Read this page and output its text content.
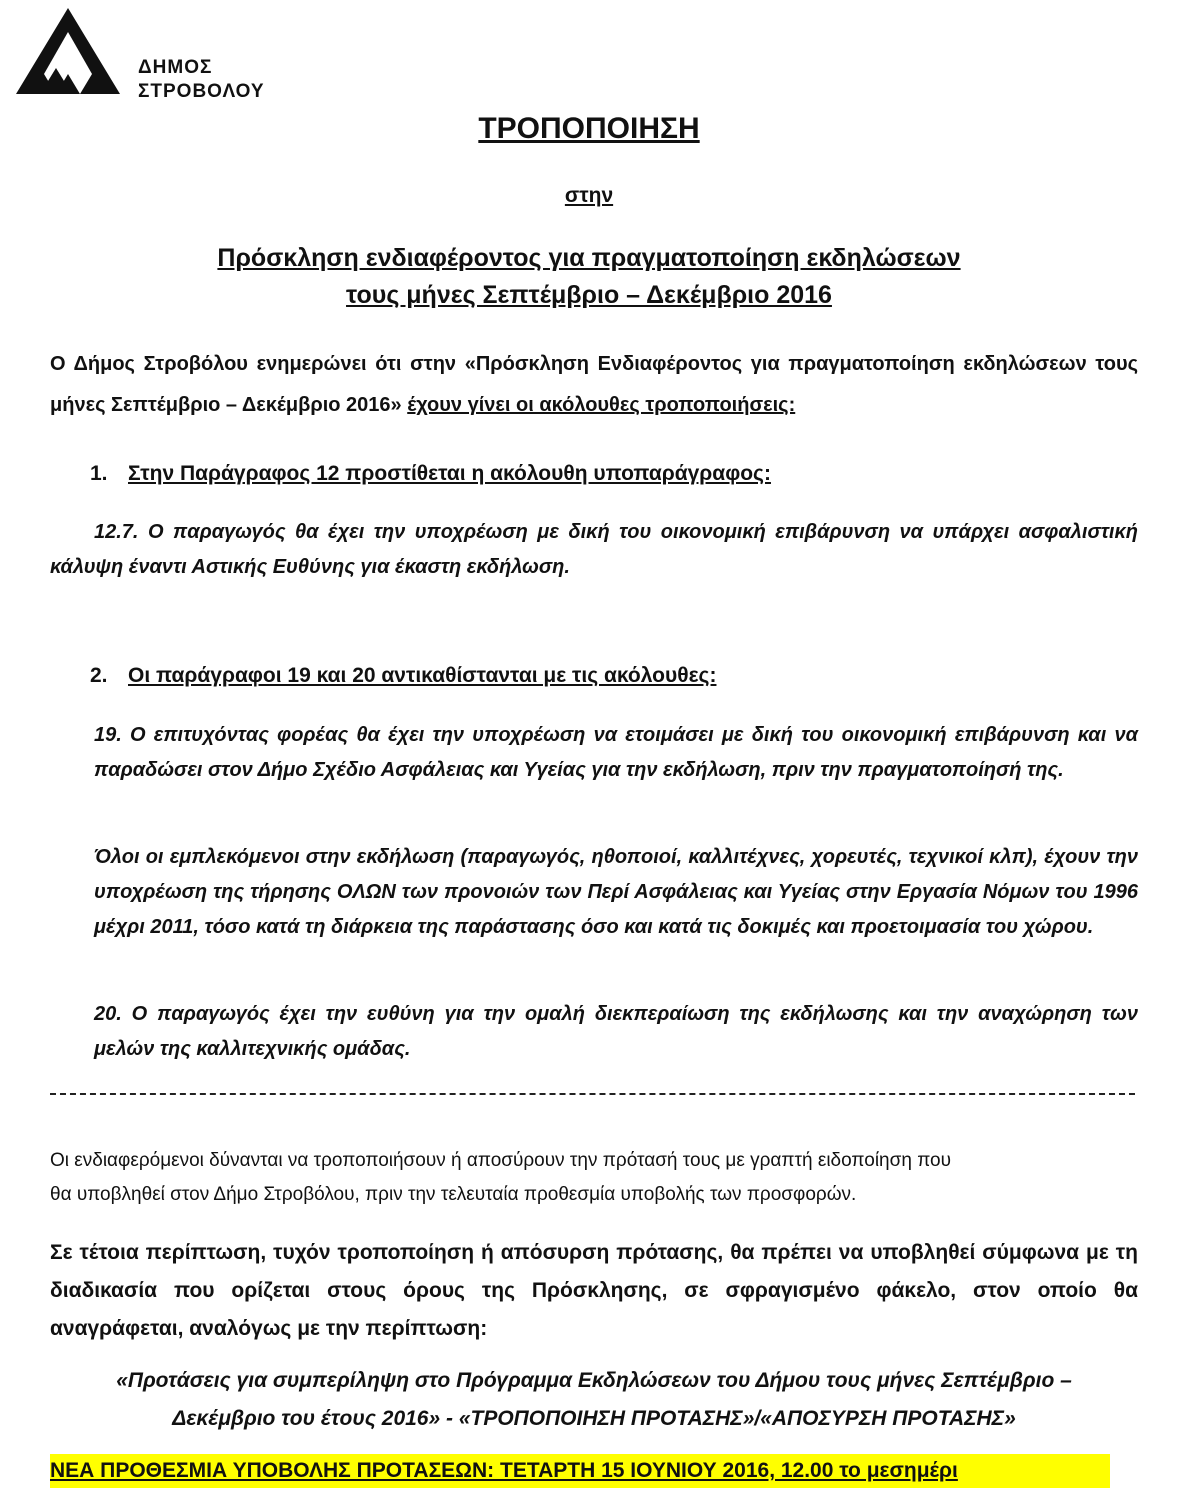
ΔΗΜΟΣ
ΣΤΡΟΒΟΛΟΥ
ΤΡΟΠΟΠΟΙΗΣΗ
στην
Πρόσκληση ενδιαφέροντος για πραγματοποίηση εκδηλώσεων
τους μήνες Σεπτέμβριο – Δεκέμβριο 2016
Ο Δήμος Στροβόλου ενημερώνει ότι στην «Πρόσκληση Ενδιαφέροντος για πραγματοποίηση εκδηλώσεων τους μήνες Σεπτέμβριο – Δεκέμβριο 2016» έχουν γίνει οι ακόλουθες τροποποιήσεις:
1. Στην Παράγραφος 12 προστίθεται η ακόλουθη υποπαράγραφος:
12.7. Ο παραγωγός θα έχει την υποχρέωση με δική του οικονομική επιβάρυνση να υπάρχει ασφαλιστική κάλυψη έναντι Αστικής Ευθύνης για έκαστη εκδήλωση.
2. Οι παράγραφοι 19 και 20 αντικαθίστανται με τις ακόλουθες:
19. Ο επιτυχόντας φορέας θα έχει την υποχρέωση να ετοιμάσει με δική του οικονομική επιβάρυνση και να παραδώσει στον Δήμο Σχέδιο Ασφάλειας και Υγείας για την εκδήλωση, πριν την πραγματοποίησή της.
Όλοι οι εμπλεκόμενοι στην εκδήλωση (παραγωγός, ηθοποιοί, καλλιτέχνες, χορευτές, τεχνικοί κλπ), έχουν την υποχρέωση της τήρησης ΟΛΩΝ των προνοιών των Περί Ασφάλειας και Υγείας στην Εργασία Νόμων του 1996 μέχρι 2011, τόσο κατά τη διάρκεια της παράστασης όσο και κατά τις δοκιμές και προετοιμασία του χώρου.
20. Ο παραγωγός έχει την ευθύνη για την ομαλή διεκπεραίωση της εκδήλωσης και την αναχώρηση των μελών της καλλιτεχνικής ομάδας.
Οι ενδιαφερόμενοι δύνανται να τροποποιήσουν ή αποσύρουν την πρότασή τους με γραπτή ειδοποίηση που
θα υποβληθεί στον Δήμο Στροβόλου, πριν την τελευταία προθεσμία υποβολής των προσφορών.
Σε τέτοια περίπτωση, τυχόν τροποποίηση ή απόσυρση πρότασης, θα πρέπει να υποβληθεί σύμφωνα με τη διαδικασία που ορίζεται στους όρους της Πρόσκλησης, σε σφραγισμένο φάκελο, στον οποίο θα αναγράφεται, αναλόγως με την περίπτωση:
«Προτάσεις για συμπερίληψη στο Πρόγραμμα Εκδηλώσεων του Δήμου τους μήνες Σεπτέμβριο –
Δεκέμβριο του έτους 2016» - «ΤΡΟΠΟΠΟΙΗΣΗ ΠΡΟΤΑΣΗΣ»/«ΑΠΟΣΥΡΣΗ ΠΡΟΤΑΣΗΣ»
ΝΕΑ ΠΡΟΘΕΣΜΙΑ ΥΠΟΒΟΛΗΣ ΠΡΟΤΑΣΕΩΝ: ΤΕΤΑΡΤΗ 15 ΙΟΥΝΙΟΥ 2016, 12.00 το μεσημέρι
